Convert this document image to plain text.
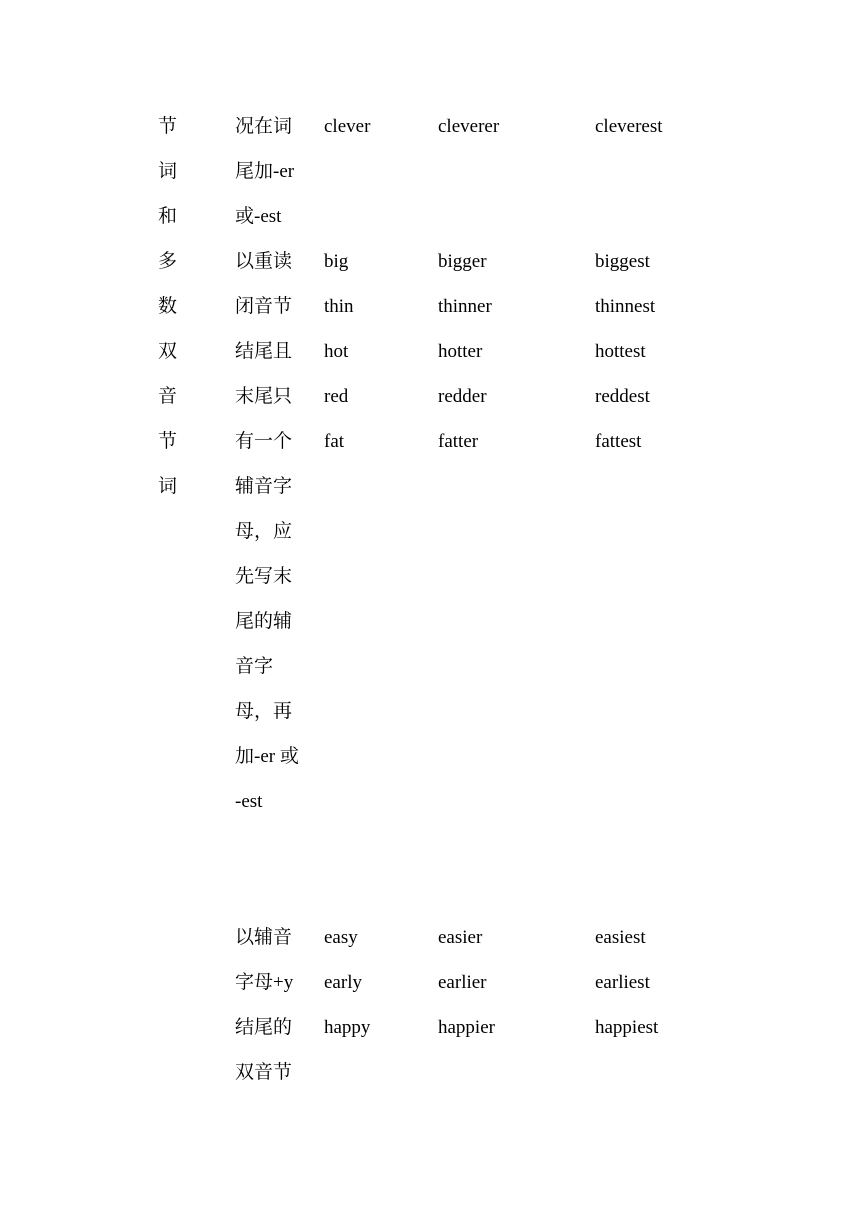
节
词
和
多
数
双
音
节
词
况在词
尾加-er
或-est
以重读
闭音节
结尾且
末尾只
有一个
辅音字
母，应
先写末
尾的辅
音字
母，再
加-er 或
-est
clever
big
thin
hot
red
fat
cleverer
bigger
thinner
hotter
redder
fatter
cleverest
biggest
thinnest
hottest
reddest
fattest
以辅音
字母+y
结尾的
双音节
easy
early
happy
easier
earlier
happier
easiest
earliest
happiest
